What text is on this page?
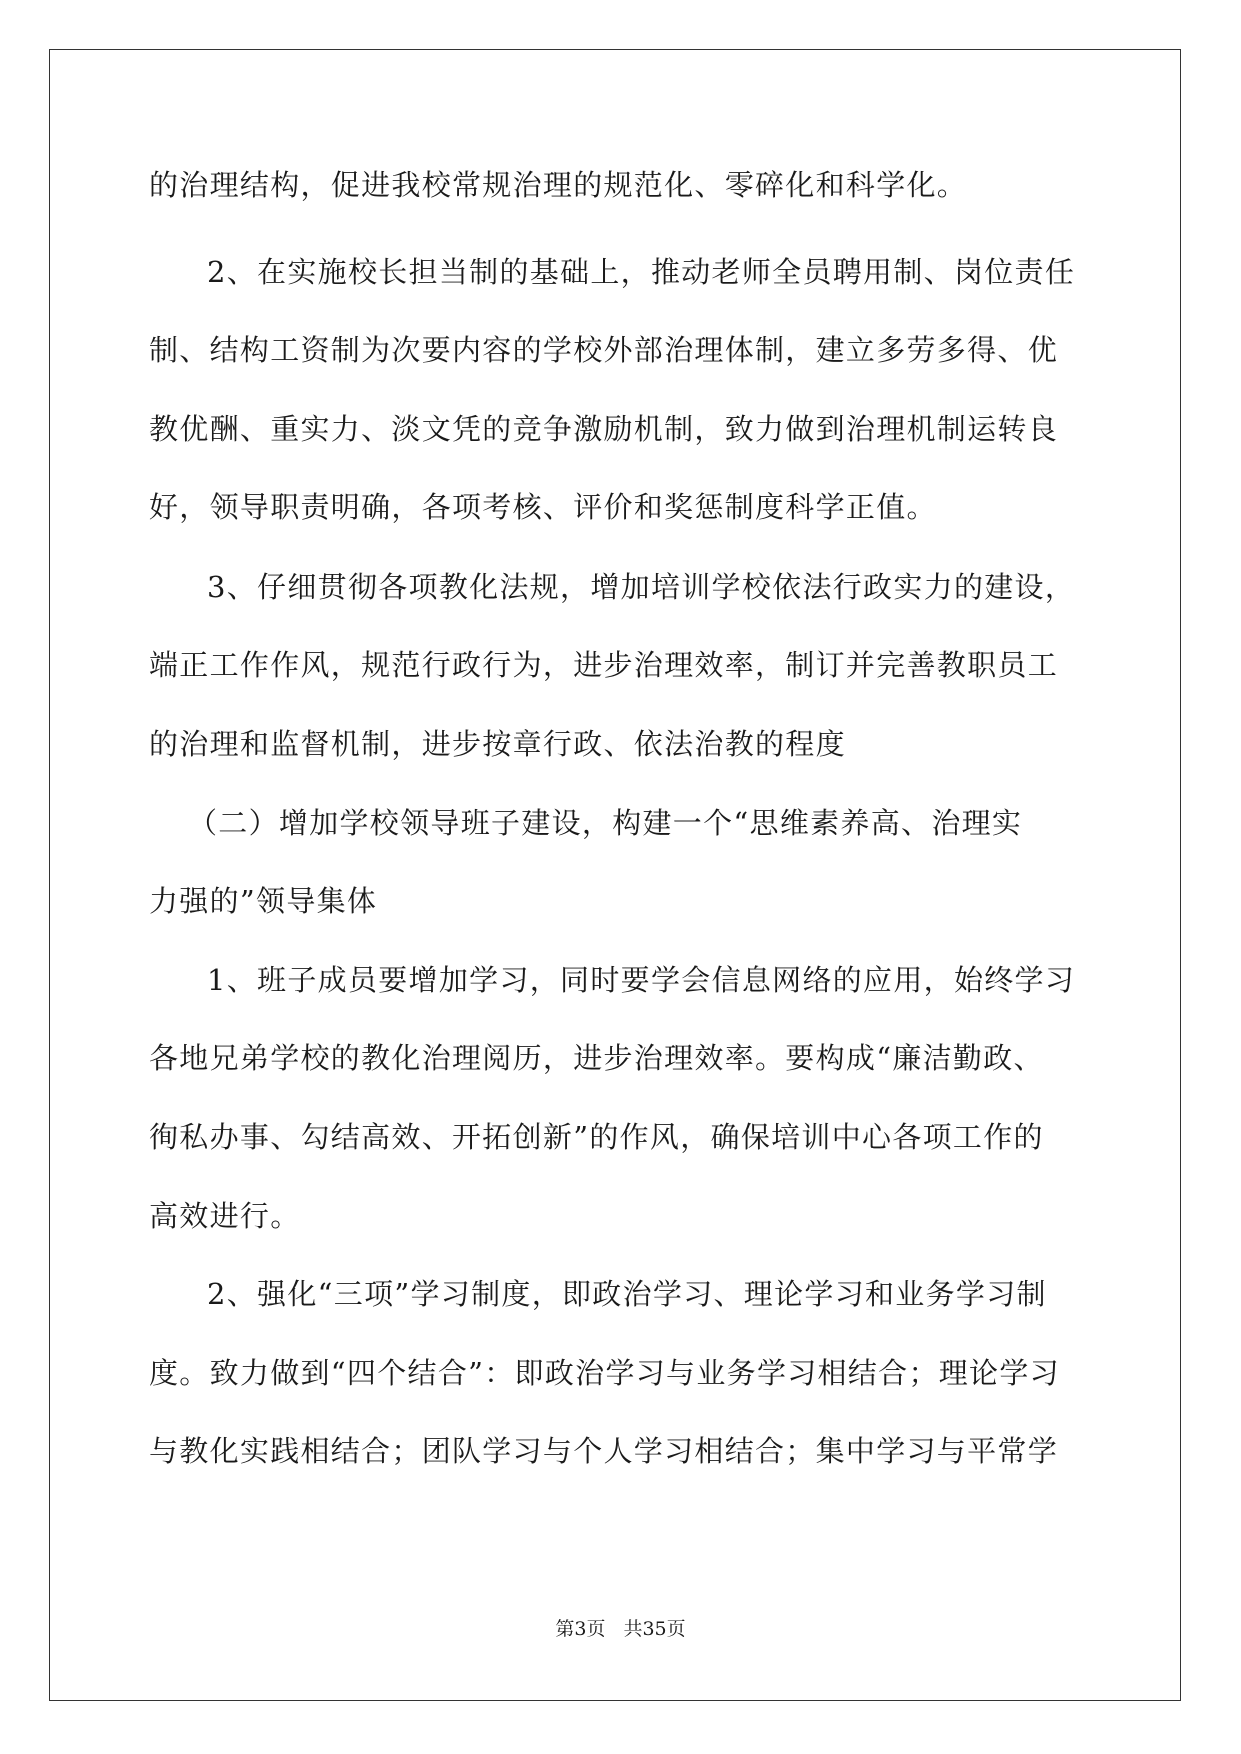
的治理结构，促进我校常规治理的规范化、零碎化和科学化。
2、在实施校长担当制的基础上，推动老师全员聘用制、岗位责任
制、结构工资制为次要内容的学校外部治理体制，建立多劳多得、优
教优酬、重实力、淡文凭的竞争激励机制，致力做到治理机制运转良
好，领导职责明确，各项考核、评价和奖惩制度科学正值。
3、仔细贯彻各项教化法规，增加培训学校依法行政实力的建设，
端正工作作风，规范行政行为，进步治理效率，制订并完善教职员工
的治理和监督机制，进步按章行政、依法治教的程度
（二）增加学校领导班子建设，构建一个“思维素养高、治理实
力强的”领导集体
1、班子成员要增加学习，同时要学会信息网络的应用，始终学习
各地兄弟学校的教化治理阅历，进步治理效率。要构成“廉洁勤政、
徇私办事、勾结高效、开拓创新”的作风，确保培训中心各项工作的
高效进行。
2、强化“三项”学习制度，即政治学习、理论学习和业务学习制
度。致力做到“四个结合”：即政治学习与业务学习相结合；理论学习
与教化实践相结合；团队学习与个人学习相结合；集中学习与平常学
第3页 共35页
